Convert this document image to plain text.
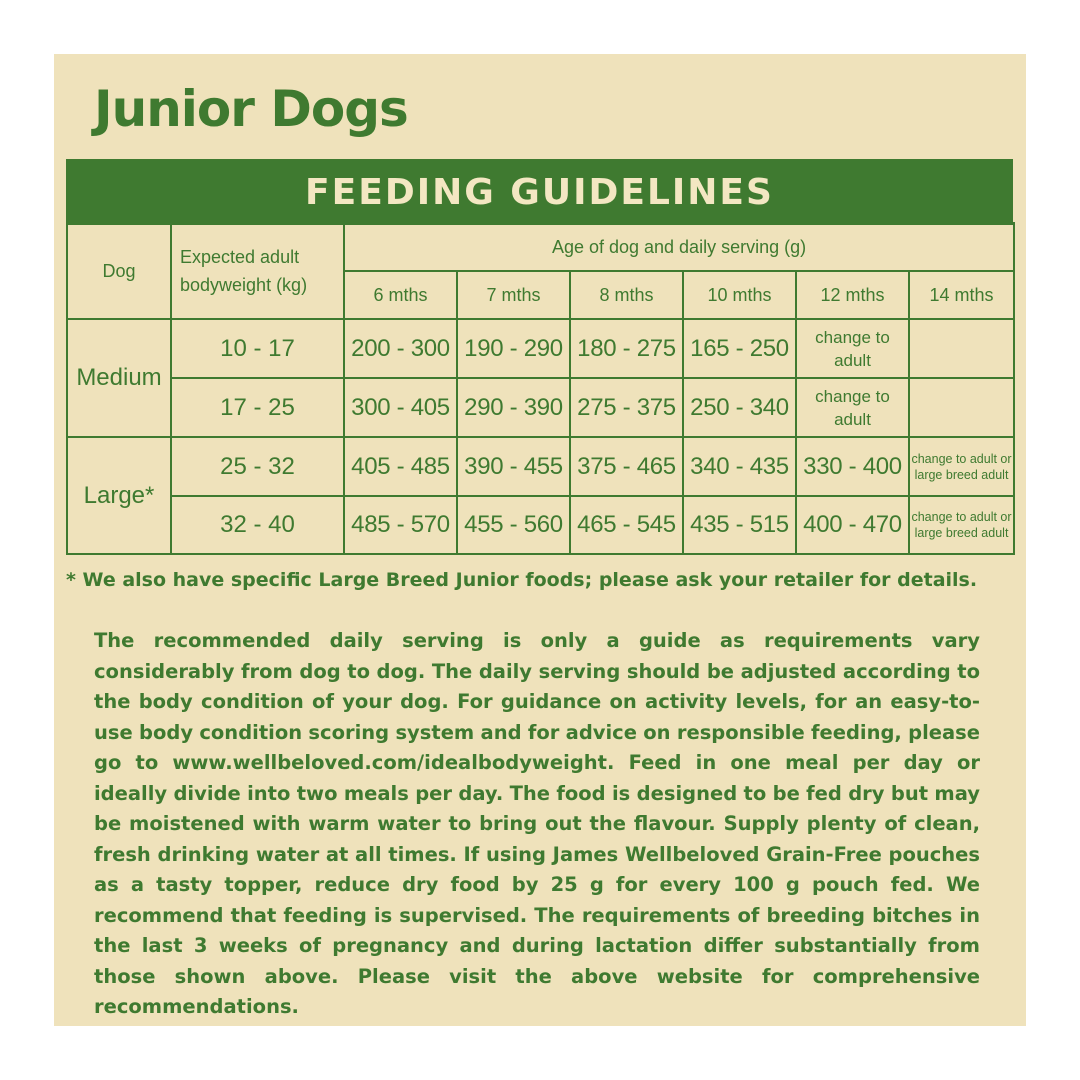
Junior Dogs
FEEDING GUIDELINES
Dog	Expected adult bodyweight (kg)	Age of dog and daily serving (g)					
		6 mths	7 mths	8 mths	10 mths	12 mths	14 mths
Medium	10 - 17	200 - 300	190 - 290	180 - 275	165 - 250	change to adult	
	17 - 25	300 - 405	290 - 390	275 - 375	250 - 340	change to adult	
Large*	25 - 32	405 - 485	390 - 455	375 - 465	340 - 435	330 - 400	change to adult or large breed adult
	32 - 40	485 - 570	455 - 560	465 - 545	435 - 515	400 - 470	change to adult or large breed adult
* We also have specific Large Breed Junior foods; please ask your retailer for details.

The recommended daily serving is only a guide as requirements vary considerably from dog to dog. The daily serving should be adjusted according to the body condition of your dog. For guidance on activity levels, for an easy-to-use body condition scoring system and for advice on responsible feeding, please go to www.wellbeloved.com/idealbodyweight. Feed in one meal per day or ideally divide into two meals per day. The food is designed to be fed dry but may be moistened with warm water to bring out the flavour. Supply plenty of clean, fresh drinking water at all times. If using James Wellbeloved Grain-Free pouches as a tasty topper, reduce dry food by 25 g for every 100 g pouch fed. We recommend that feeding is supervised. The requirements of breeding bitches in the last 3 weeks of pregnancy and during lactation differ substantially from those shown above. Please visit the above website for comprehensive recommendations.
